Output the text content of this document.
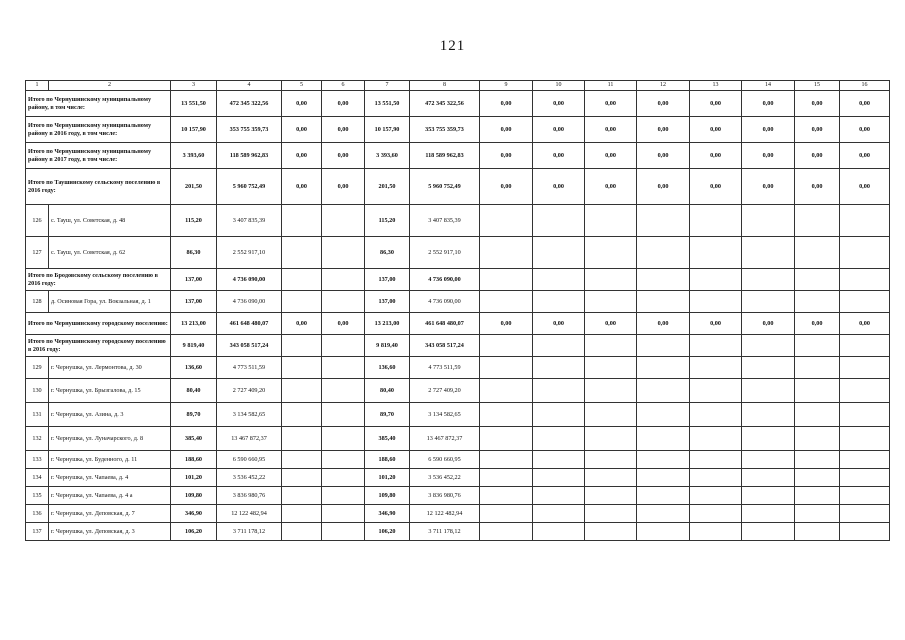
121
1	2	3	4	5	6	7	8	9	10	11	12	13	14	15	16
Итого по Чернушинскому муниципальному району, в том числе:		13 551,50	472 345 322,56	0,00	0,00	13 551,50	472 345 322,56	0,00	0,00	0,00	0,00	0,00	0,00	0,00	0,00
Итого по Чернушинскому муниципальному району в 2016 году, в том числе:		10 157,90	353 755 359,73	0,00	0,00	10 157,90	353 755 359,73	0,00	0,00	0,00	0,00	0,00	0,00	0,00	0,00
Итого по Чернушинскому муниципальному району в 2017 году, в том числе:		3 393,60	118 589 962,83	0,00	0,00	3 393,60	118 589 962,83	0,00	0,00	0,00	0,00	0,00	0,00	0,00	0,00
Итого по Таушинскому сельскому поселению в 2016 году:		201,50	5 960 752,49	0,00	0,00	201,50	5 960 752,49	0,00	0,00	0,00	0,00	0,00	0,00	0,00	0,00
126	с. Тауш, ул. Советская, д. 48	115,20	3 407 835,39			115,20	3 407 835,39								
127	с. Тауш, ул. Советская, д. 62	86,30	2 552 917,10			86,30	2 552 917,10								
Итого по Бродовскому сельскому поселению в 2016 году:		137,00	4 736 090,00			137,00	4 736 090,00								
128	д. Осиновая Гора, ул. Вокзальная, д. 1	137,00	4 736 090,00			137,00	4 736 090,00								
Итого по Чернушинскому городскому поселению:		13 213,00	461 648 480,07	0,00	0,00	13 213,00	461 648 480,07	0,00	0,00	0,00	0,00	0,00	0,00	0,00	0,00
Итого по Чернушинскому городскому поселению в 2016 году:		9 819,40	343 058 517,24			9 819,40	343 058 517,24								
129	г. Чернушка, ул. Лермонтова, д. 30	136,60	4 773 511,59			136,60	4 773 511,59								
130	г. Чернушка, ул. Брызгалова, д. 15	80,40	2 727 409,20			80,40	2 727 409,20								
131	г. Чернушка, ул. Азина, д. 3	89,70	3 134 582,65			89,70	3 134 582,65								
132	г. Чернушка, ул. Луначарского, д. 8	385,40	13 467 872,37			385,40	13 467 872,37								
133	г. Чернушка, ул. Буденного, д. 11	188,60	6 590 660,95			188,60	6 590 660,95								
134	г. Чернушка, ул. Чапаева, д. 4	101,20	3 536 452,22			101,20	3 536 452,22								
135	г. Чернушка, ул. Чапаева, д. 4 а	109,80	3 836 980,76			109,80	3 836 980,76								
136	г. Чернушка, ул. Деповская, д. 7	346,90	12 122 482,94			346,90	12 122 482,94								
137	г. Чернушка, ул. Деповская, д. 3	106,20	3 711 178,12			106,20	3 711 178,12								
